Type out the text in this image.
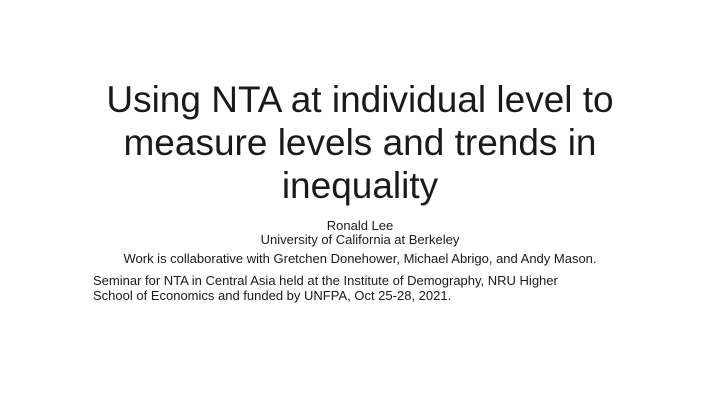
Using NTA at individual level to
measure levels and trends in
inequality
Ronald Lee
University of California at Berkeley
Work is collaborative with Gretchen Donehower, Michael Abrigo, and Andy Mason.
Seminar for NTA in Central Asia held at the Institute of Demography, NRU Higher
School of Economics and funded by UNFPA, Oct 25-28, 2021.
